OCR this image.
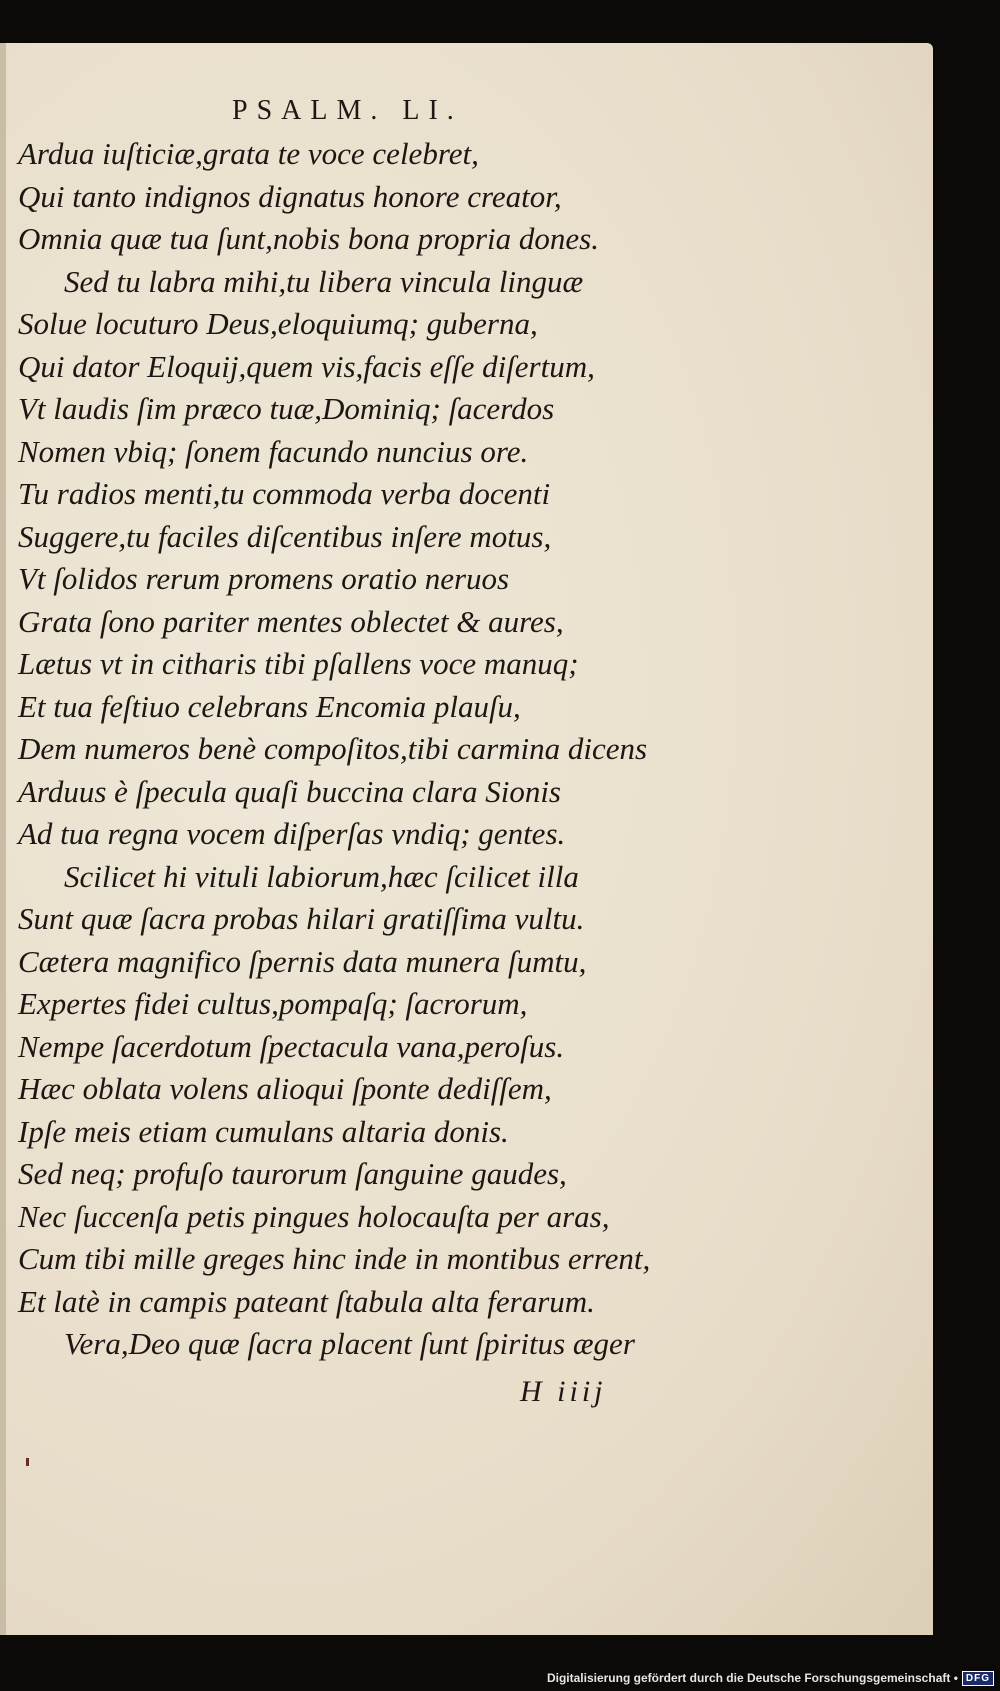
PSALM. LI.
Ardua iuſticiæ,grata te voce celebret,
Qui tanto indignos dignatus honore creator,
Omnia quæ tua ſunt,nobis bona propria dones.
Sed tu labra mihi,tu libera vincula linguæ
Solue locuturo Deus,eloquiumq; guberna,
Qui dator Eloquij,quem vis,facis eſſe diſertum,
Vt laudis ſim præco tuæ,Dominiq; ſacerdos
Nomen vbiq; ſonem facundo nuncius ore.
Tu radios menti,tu commoda verba docenti
Suggere,tu faciles diſcentibus inſere motus,
Vt ſolidos rerum promens oratio neruos
Grata ſono pariter mentes oblectet & aures,
Lætus vt in citharis tibi pſallens voce manuq;
Et tua feſtiuo celebrans Encomia plauſu,
Dem numeros benè compoſitos,tibi carmina dicens
Arduus è ſpecula quaſi buccina clara Sionis
Ad tua regna vocem diſperſas vndiq; gentes.
Scilicet hi vituli labiorum,hæc ſcilicet illa
Sunt quæ ſacra probas hilari gratiſſima vultu.
Cætera magnifico ſpernis data munera ſumtu,
Expertes fidei cultus,pompaſq; ſacrorum,
Nempe ſacerdotum ſpectacula vana,peroſus.
Hæc oblata volens alioqui ſponte dediſſem,
Ipſe meis etiam cumulans altaria donis.
Sed neq; profuſo taurorum ſanguine gaudes,
Nec ſuccenſa petis pingues holocauſta per aras,
Cum tibi mille greges hinc inde in montibus errent,
Et latè in campis pateant ſtabula alta ferarum.
Vera,Deo quæ ſacra placent ſunt ſpiritus æger
H iiij
Digitalisierung gefördert durch die Deutsche Forschungsgemeinschaft • DFG
